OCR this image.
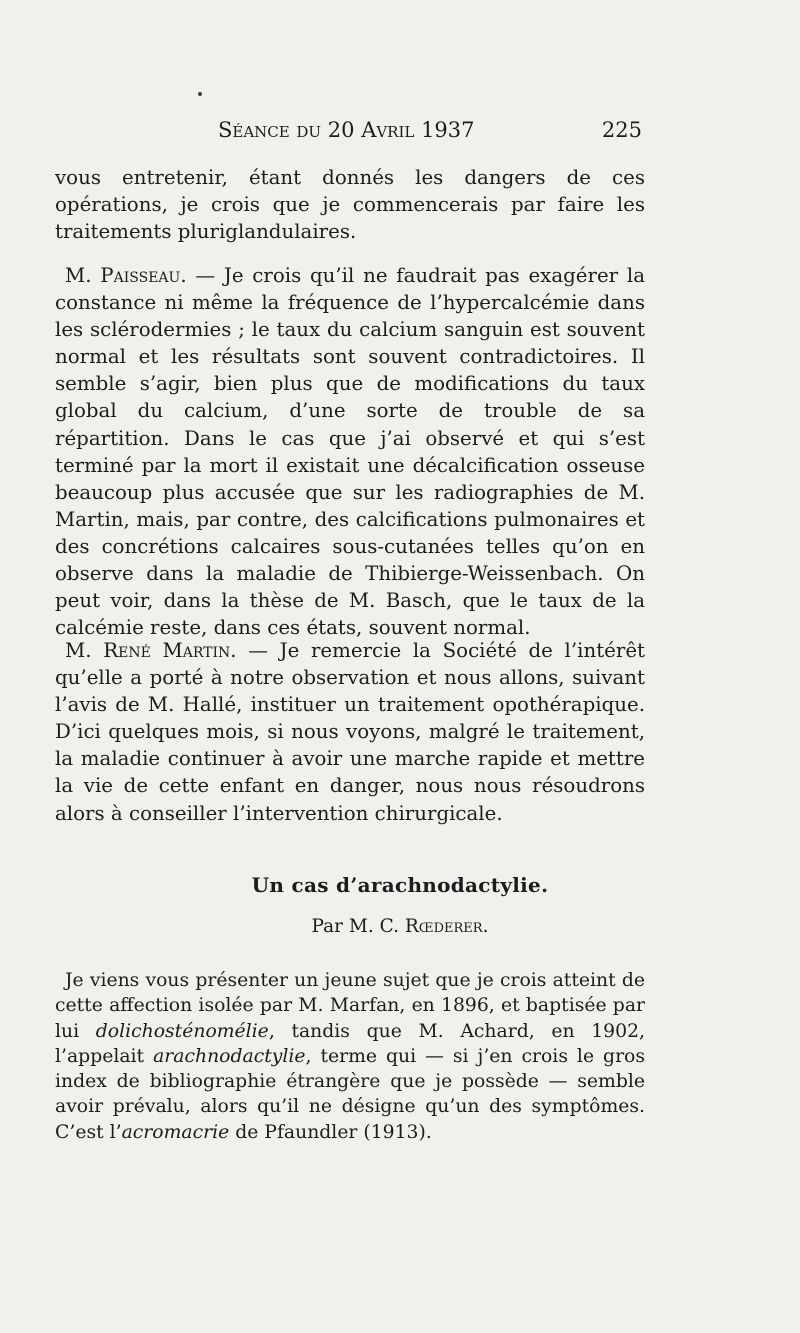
Séance du 20 Avril 1937	225

vous entretenir, étant donnés les dangers de ces opérations, je crois que je commencerais par faire les traitements pluriglandulaires.

M. Paisseau. — Je crois qu’il ne faudrait pas exagérer la constance ni même la fréquence de l’hypercalcémie dans les sclérodermies ; le taux du calcium sanguin est souvent normal et les résultats sont souvent contradictoires. Il semble s’agir, bien plus que de modifications du taux global du calcium, d’une sorte de trouble de sa répartition. Dans le cas que j’ai observé et qui s’est terminé par la mort il existait une décalcification osseuse beaucoup plus accusée que sur les radiographies de M. Martin, mais, par contre, des calcifications pulmonaires et des concrétions calcaires sous-cutanées telles qu’on en observe dans la maladie de Thibierge-Weissenbach. On peut voir, dans la thèse de M. Basch, que le taux de la calcémie reste, dans ces états, souvent normal.

M. René Martin. — Je remercie la Société de l’intérêt qu’elle a porté à notre observation et nous allons, suivant l’avis de M. Hallé, instituer un traitement opothérapique. D’ici quelques mois, si nous voyons, malgré le traitement, la maladie continuer à avoir une marche rapide et mettre la vie de cette enfant en danger, nous nous résoudrons alors à conseiller l’intervention chirurgicale.

Un cas d’arachnodactylie.
Par M. C. Rœderer.

Je viens vous présenter un jeune sujet que je crois atteint de cette affection isolée par M. Marfan, en 1896, et baptisée par lui dolichosténomélie, tandis que M. Achard, en 1902, l’appelait arachnodactylie, terme qui — si j’en crois le gros index de bibliographie étrangère que je possède — semble avoir prévalu, alors qu’il ne désigne qu’un des symptômes. C’est l’acromacrie de Pfaundler (1913).
